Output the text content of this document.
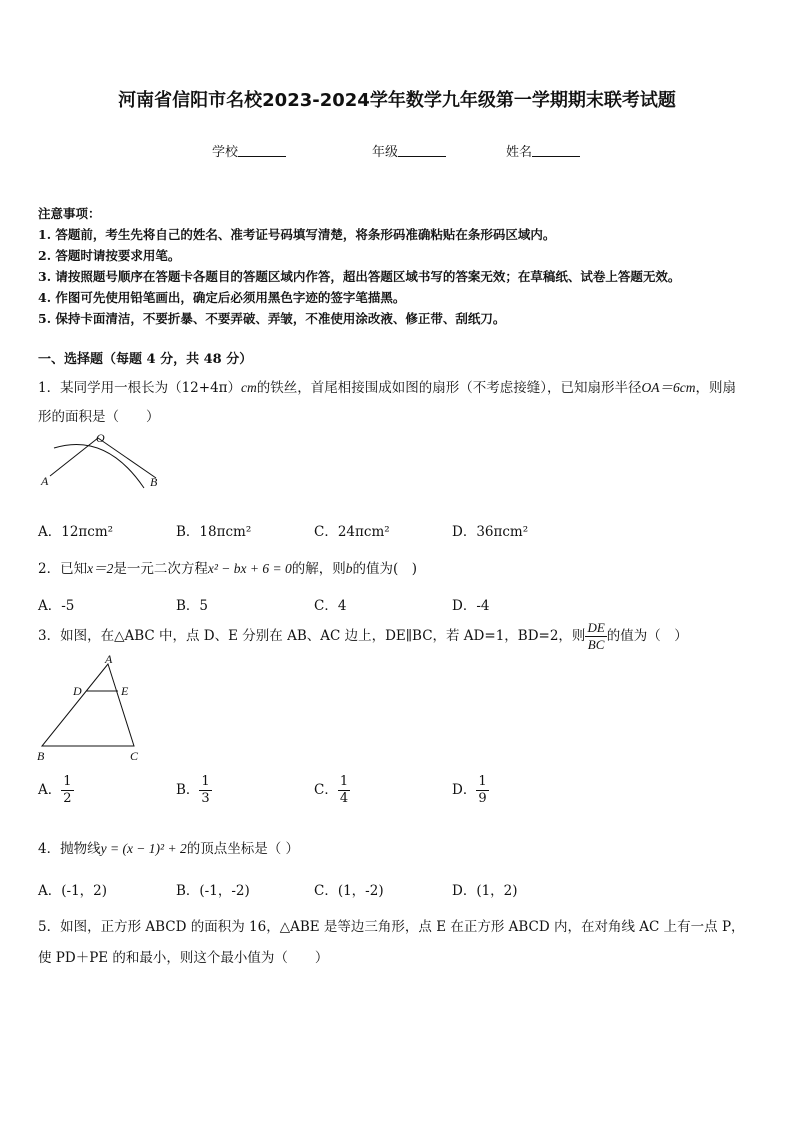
河南省信阳市名校2023-2024学年数学九年级第一学期期末联考试题
学校	年级	姓名
注意事项：
1. 答题前，考生先将自己的姓名、准考证号码填写清楚，将条形码准确粘贴在条形码区域内。
2. 答题时请按要求用笔。
3. 请按照题号顺序在答题卡各题目的答题区域内作答，超出答题区域书写的答案无效；在草稿纸、试卷上答题无效。
4. 作图可先使用铅笔画出，确定后必须用黑色字迹的签字笔描黑。
5. 保持卡面清洁，不要折暴、不要弄破、弄皱，不准使用涂改液、修正带、刮纸刀。
一、选择题（每题 4 分，共 48 分）
1．某同学用一根长为（12+4π）cm的铁丝，首尾相接围成如图的扇形（不考虑接缝），已知扇形半径OA＝6cm，则扇
形的面积是（　　）
O
A	B
A．12πcm²	B．18πcm²	C．24πcm²	D．36πcm²
2．已知x＝2是一元二次方程x² − bx + 6 = 0的解，则b的值为(　)
A．-5	B．5	C．4	D．-4
3．如图，在△ABC 中，点 D、E 分别在 AB、AC 边上，DE∥BC，若 AD=1，BD=2，则 $\frac{DE}{BC}$ 的值为（　）
A
D	E
B	C
A． $\frac{1}{2}$	B． $\frac{1}{3}$	C． $\frac{1}{4}$	D． $\frac{1}{9}$
4．抛物线y = (x − 1)² + 2的顶点坐标是（ ）
A．(-1，2)	B．(-1，-2)	C．(1，-2)	D．(1，2)
5．如图，正方形 ABCD 的面积为 16，△ABE 是等边三角形，点 E 在正方形 ABCD 内，在对角线 AC 上有一点 P，
使 PD＋PE 的和最小，则这个最小值为（　　）
